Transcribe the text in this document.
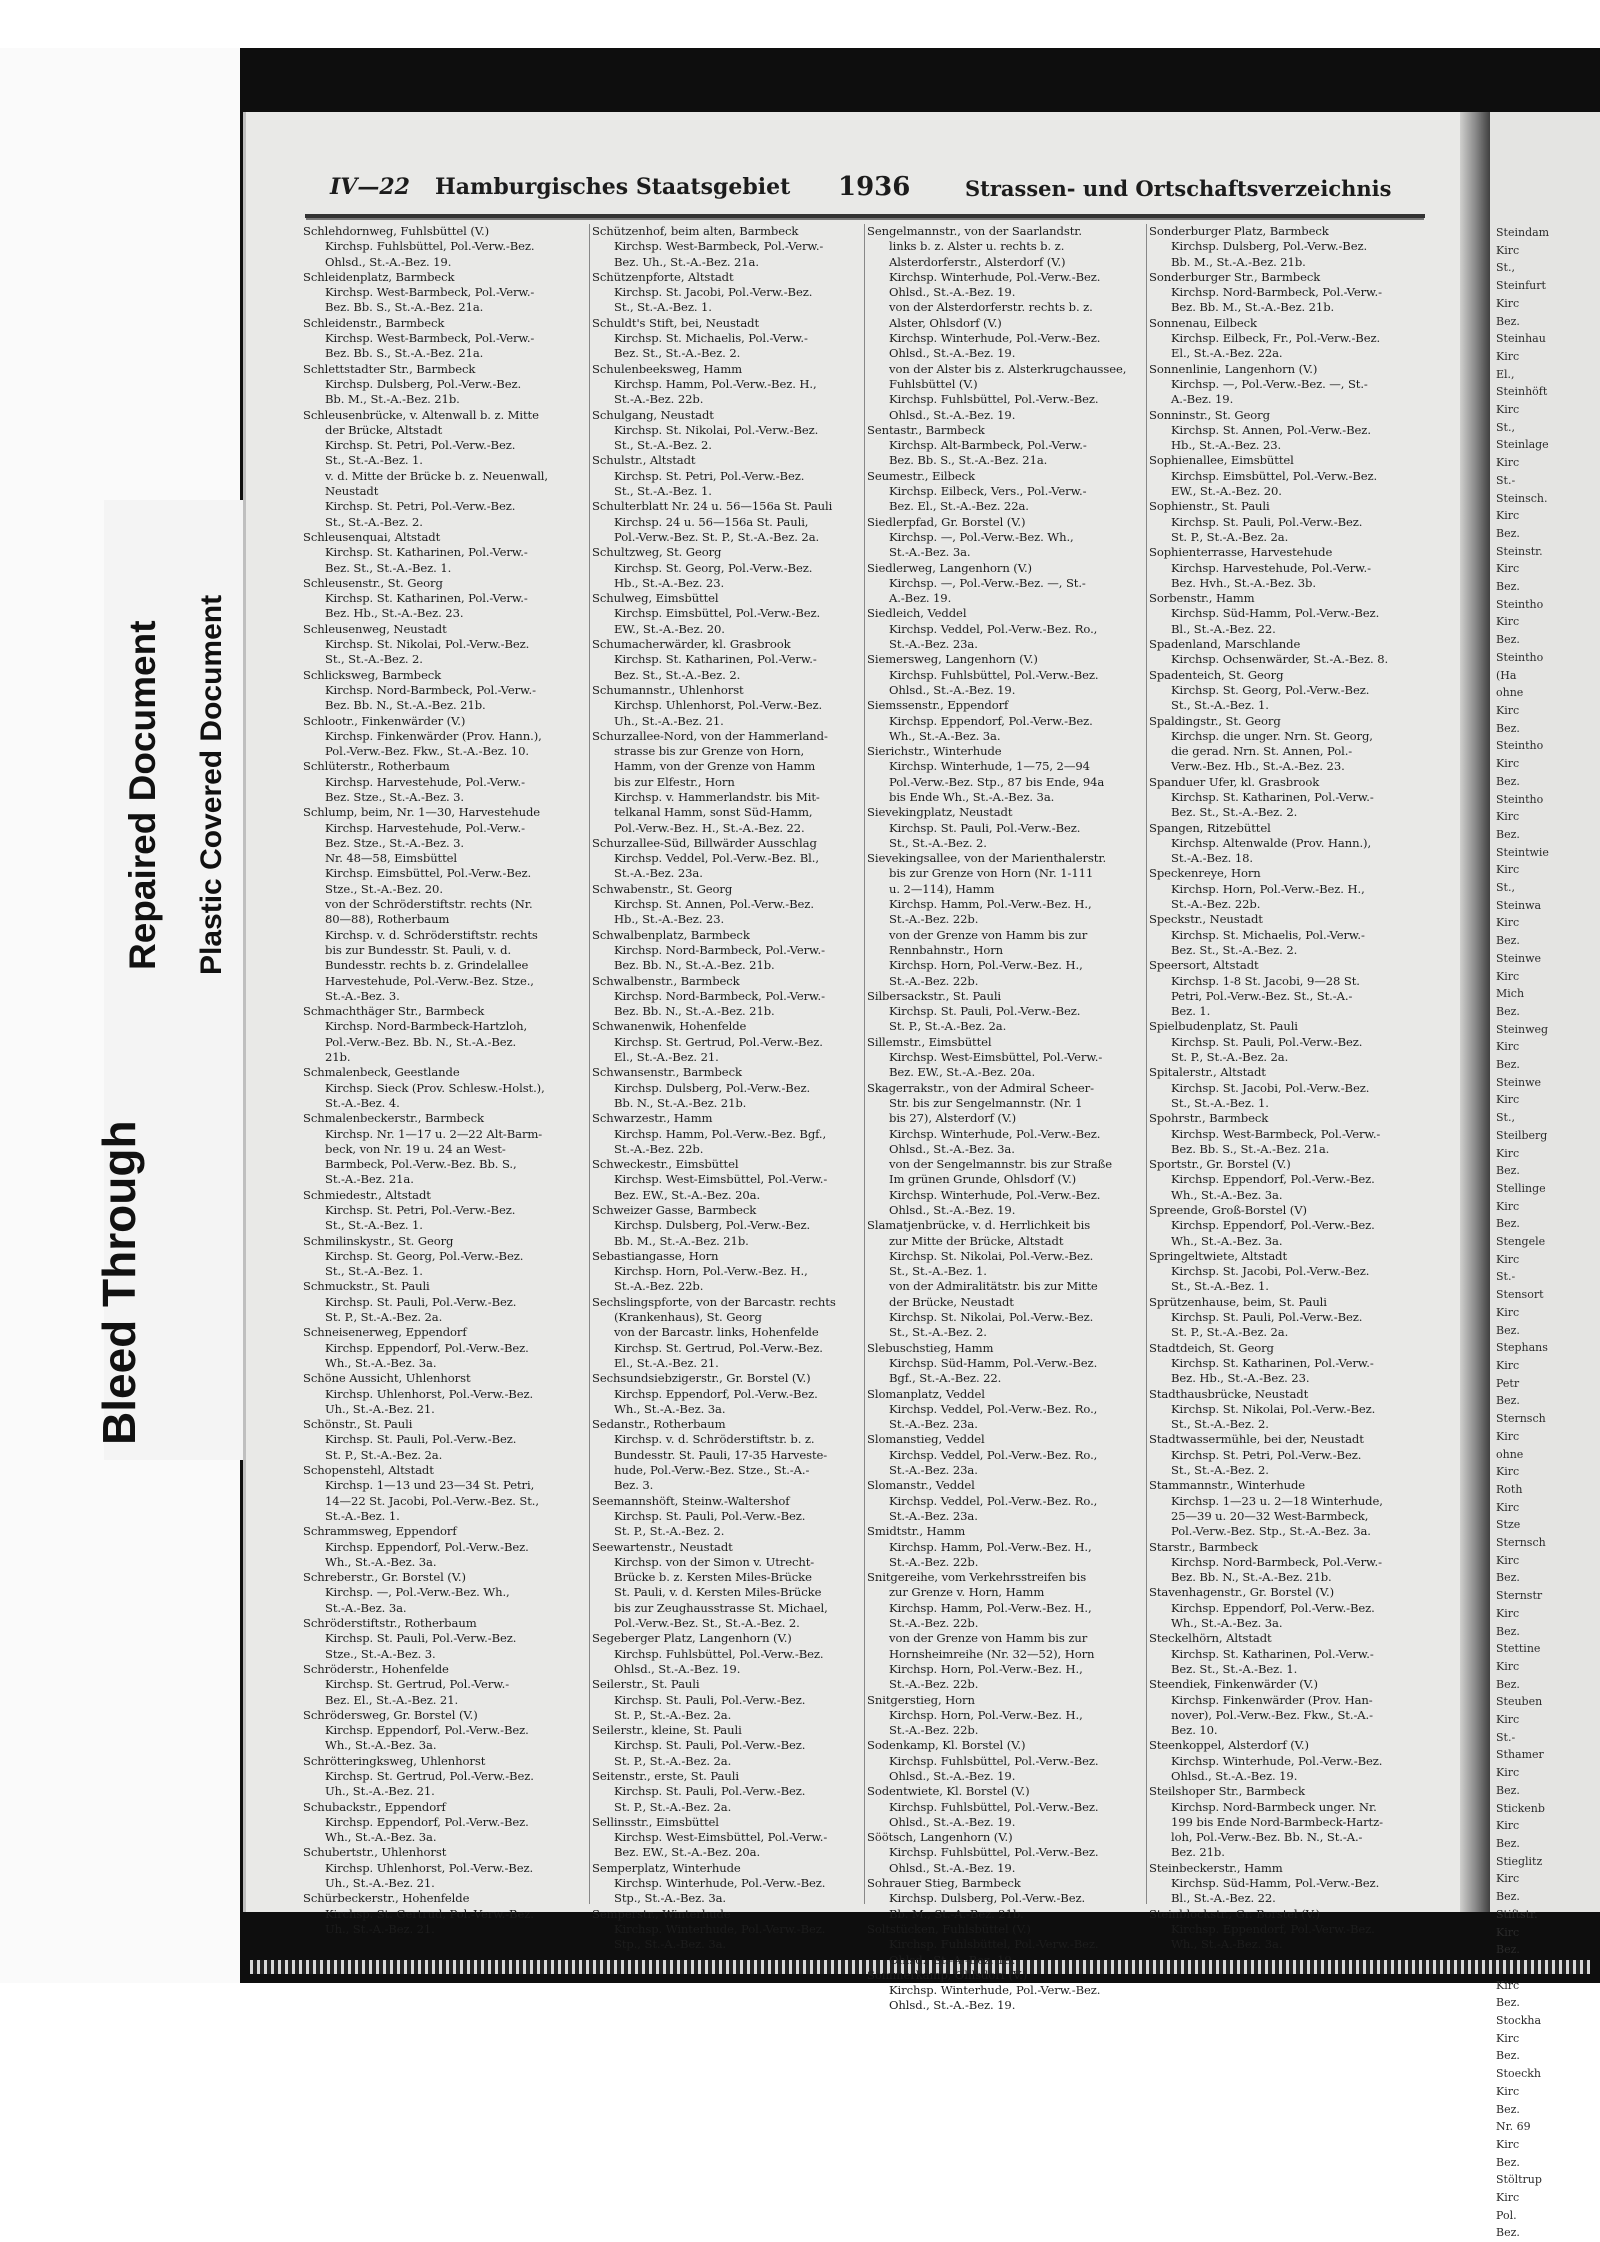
Bleed Through
Repaired Document Plastic Covered Document
Steindam
Kirc
St.,
Steinfurt
Kirc
Bez.
Steinhau
Kirc
El.,
Steinhöft
Kirc
St.,
Steinlage
Kirc
St.-
Steinsch.
Kirc
Bez.
Steinstr.
Kirc
Bez.
Steintho
Kirc
Bez.
Steintho
(Ha
ohne
Kirc
Bez.
Steintho
Kirc
Bez.
Steintho
Kirc
Bez.
Steintwie
Kirc
St.,
Steinwa
Kirc
Bez.
Steinwe
Kirc
Mich
Bez.
Steinweg
Kirc
Bez.
Steinwe
Kirc
St.,
Steilberg
Kirc
Bez.
Stellinge
Kirc
Bez.
Stengele
Kirc
St.-
Stensort
Kirc
Bez.
Stephans
Kirc
Petr
Bez.
Sternsch
Kirc
ohne
Kirc
Roth
Kirc
Stze
Sternsch
Kirc
Bez.
Sternstr
Kirc
Bez.
Stettine
Kirc
Bez.
Steuben
Kirc
St.-
Sthamer
Kirc
Bez.
Stickenb
Kirc
Bez.
Stieglitz
Kirc
Bez.
Stiftstr.
Kirc
Bez.
Kirc
Bez.
Stockha
Kirc
Bez.
Stoeckh
Kirc
Bez.
Nr. 69
Kirc
Bez.
Stöltrup
Kirc
Pol.
Bez.
IV—22 Hamburgisches Staatsgebiet 1936	Strassen- und Ortschaftsverzeichnis
Schlehdornweg, Fuhlsbüttel (V.)
Kirchsp. Fuhlsbüttel, Pol.-Verw.-Bez.
Ohlsd., St.-A.-Bez. 19.
Schleidenplatz, Barmbeck
Kirchsp. West-Barmbeck, Pol.-Verw.-
Bez. Bb. S., St.-A.-Bez. 21a.
Schleidenstr., Barmbeck
Kirchsp. West-Barmbeck, Pol.-Verw.-
Bez. Bb. S., St.-A.-Bez. 21a.
Schlettstadter Str., Barmbeck
Kirchsp. Dulsberg, Pol.-Verw.-Bez.
Bb. M., St.-A.-Bez. 21b.
Schleusenbrücke, v. Altenwall b. z. Mitte
der Brücke, Altstadt
Kirchsp. St. Petri, Pol.-Verw.-Bez.
St., St.-A.-Bez. 1.
v. d. Mitte der Brücke b. z. Neuenwall,
Neustadt
Kirchsp. St. Petri, Pol.-Verw.-Bez.
St., St.-A.-Bez. 2.
Schleusenquai, Altstadt
Kirchsp. St. Katharinen, Pol.-Verw.-
Bez. St., St.-A.-Bez. 1.
Schleusenstr., St. Georg
Kirchsp. St. Katharinen, Pol.-Verw.-
Bez. Hb., St.-A.-Bez. 23.
Schleusenweg, Neustadt
Kirchsp. St. Nikolai, Pol.-Verw.-Bez.
St., St.-A.-Bez. 2.
Schlicksweg, Barmbeck
Kirchsp. Nord-Barmbeck, Pol.-Verw.-
Bez. Bb. N., St.-A.-Bez. 21b.
Schlootr., Finkenwärder (V.)
Kirchsp. Finkenwärder (Prov. Hann.),
Pol.-Verw.-Bez. Fkw., St.-A.-Bez. 10.
Schlüterstr., Rotherbaum
Kirchsp. Harvestehude, Pol.-Verw.-
Bez. Stze., St.-A.-Bez. 3.
Schlump, beim, Nr. 1—30, Harvestehude
Kirchsp. Harvestehude, Pol.-Verw.-
Bez. Stze., St.-A.-Bez. 3.
Nr. 48—58, Eimsbüttel
Kirchsp. Eimsbüttel, Pol.-Verw.-Bez.
Stze., St.-A.-Bez. 20.
von der Schröderstiftstr. rechts (Nr.
80—88), Rotherbaum
Kirchsp. v. d. Schröderstiftstr. rechts
bis zur Bundesstr. St. Pauli, v. d.
Bundesstr. rechts b. z. Grindelallee
Harvestehude, Pol.-Verw.-Bez. Stze.,
St.-A.-Bez. 3.
Schmachthäger Str., Barmbeck
Kirchsp. Nord-Barmbeck-Hartzloh,
Pol.-Verw.-Bez. Bb. N., St.-A.-Bez.
21b.
Schmalenbeck, Geestlande
Kirchsp. Sieck (Prov. Schlesw.-Holst.),
St.-A.-Bez. 4.
Schmalenbeckerstr., Barmbeck
Kirchsp. Nr. 1—17 u. 2—22 Alt-Barm-
beck, von Nr. 19 u. 24 an West-
Barmbeck, Pol.-Verw.-Bez. Bb. S.,
St.-A.-Bez. 21a.
Schmiedestr., Altstadt
Kirchsp. St. Petri, Pol.-Verw.-Bez.
St., St.-A.-Bez. 1.
Schmilinskystr., St. Georg
Kirchsp. St. Georg, Pol.-Verw.-Bez.
St., St.-A.-Bez. 1.
Schmuckstr., St. Pauli
Kirchsp. St. Pauli, Pol.-Verw.-Bez.
St. P., St.-A.-Bez. 2a.
Schneisenerweg, Eppendorf
Kirchsp. Eppendorf, Pol.-Verw.-Bez.
Wh., St.-A.-Bez. 3a.
Schöne Aussicht, Uhlenhorst
Kirchsp. Uhlenhorst, Pol.-Verw.-Bez.
Uh., St.-A.-Bez. 21.
Schönstr., St. Pauli
Kirchsp. St. Pauli, Pol.-Verw.-Bez.
St. P., St.-A.-Bez. 2a.
Schopenstehl, Altstadt
Kirchsp. 1—13 und 23—34 St. Petri,
14—22 St. Jacobi, Pol.-Verw.-Bez. St.,
St.-A.-Bez. 1.
Schrammsweg, Eppendorf
Kirchsp. Eppendorf, Pol.-Verw.-Bez.
Wh., St.-A.-Bez. 3a.
Schreberstr., Gr. Borstel (V.)
Kirchsp. —, Pol.-Verw.-Bez. Wh.,
St.-A.-Bez. 3a.
Schröderstiftstr., Rotherbaum
Kirchsp. St. Pauli, Pol.-Verw.-Bez.
Stze., St.-A.-Bez. 3.
Schröderstr., Hohenfelde
Kirchsp. St. Gertrud, Pol.-Verw.-
Bez. El., St.-A.-Bez. 21.
Schrödersweg, Gr. Borstel (V.)
Kirchsp. Eppendorf, Pol.-Verw.-Bez.
Wh., St.-A.-Bez. 3a.
Schrötteringksweg, Uhlenhorst
Kirchsp. St. Gertrud, Pol.-Verw.-Bez.
Uh., St.-A.-Bez. 21.
Schubackstr., Eppendorf
Kirchsp. Eppendorf, Pol.-Verw.-Bez.
Wh., St.-A.-Bez. 3a.
Schubertstr., Uhlenhorst
Kirchsp. Uhlenhorst, Pol.-Verw.-Bez.
Uh., St.-A.-Bez. 21.
Schürbeckerstr., Hohenfelde
Kirchsp. St. Gertrud, Pol.-Verw.-Bez.
Uh., St.-A.-Bez. 21.
Schützenhof, beim alten, Barmbeck
Kirchsp. West-Barmbeck, Pol.-Verw.-
Bez. Uh., St.-A.-Bez. 21a.
Schützenpforte, Altstadt
Kirchsp. St. Jacobi, Pol.-Verw.-Bez.
St., St.-A.-Bez. 1.
Schuldt's Stift, bei, Neustadt
Kirchsp. St. Michaelis, Pol.-Verw.-
Bez. St., St.-A.-Bez. 2.
Schulenbeeksweg, Hamm
Kirchsp. Hamm, Pol.-Verw.-Bez. H.,
St.-A.-Bez. 22b.
Schulgang, Neustadt
Kirchsp. St. Nikolai, Pol.-Verw.-Bez.
St., St.-A.-Bez. 2.
Schulstr., Altstadt
Kirchsp. St. Petri, Pol.-Verw.-Bez.
St., St.-A.-Bez. 1.
Schulterblatt Nr. 24 u. 56—156a St. Pauli
Kirchsp. 24 u. 56—156a St. Pauli,
Pol.-Verw.-Bez. St. P., St.-A.-Bez. 2a.
Schultzweg, St. Georg
Kirchsp. St. Georg, Pol.-Verw.-Bez.
Hb., St.-A.-Bez. 23.
Schulweg, Eimsbüttel
Kirchsp. Eimsbüttel, Pol.-Verw.-Bez.
EW., St.-A.-Bez. 20.
Schumacherwärder, kl. Grasbrook
Kirchsp. St. Katharinen, Pol.-Verw.-
Bez. St., St.-A.-Bez. 2.
Schumannstr., Uhlenhorst
Kirchsp. Uhlenhorst, Pol.-Verw.-Bez.
Uh., St.-A.-Bez. 21.
Schurzallee-Nord, von der Hammerland-
strasse bis zur Grenze von Horn,
Hamm, von der Grenze von Hamm
bis zur Elfestr., Horn
Kirchsp. v. Hammerlandstr. bis Mit-
telkanal Hamm, sonst Süd-Hamm,
Pol.-Verw.-Bez. H., St.-A.-Bez. 22.
Schurzallee-Süd, Billwärder Ausschlag
Kirchsp. Veddel, Pol.-Verw.-Bez. Bl.,
St.-A.-Bez. 23a.
Schwabenstr., St. Georg
Kirchsp. St. Annen, Pol.-Verw.-Bez.
Hb., St.-A.-Bez. 23.
Schwalbenplatz, Barmbeck
Kirchsp. Nord-Barmbeck, Pol.-Verw.-
Bez. Bb. N., St.-A.-Bez. 21b.
Schwalbenstr., Barmbeck
Kirchsp. Nord-Barmbeck, Pol.-Verw.-
Bez. Bb. N., St.-A.-Bez. 21b.
Schwanenwik, Hohenfelde
Kirchsp. St. Gertrud, Pol.-Verw.-Bez.
El., St.-A.-Bez. 21.
Schwansenstr., Barmbeck
Kirchsp. Dulsberg, Pol.-Verw.-Bez.
Bb. N., St.-A.-Bez. 21b.
Schwarzestr., Hamm
Kirchsp. Hamm, Pol.-Verw.-Bez. Bgf.,
St.-A.-Bez. 22b.
Schweckestr., Eimsbüttel
Kirchsp. West-Eimsbüttel, Pol.-Verw.-
Bez. EW., St.-A.-Bez. 20a.
Schweizer Gasse, Barmbeck
Kirchsp. Dulsberg, Pol.-Verw.-Bez.
Bb. M., St.-A.-Bez. 21b.
Sebastiangasse, Horn
Kirchsp. Horn, Pol.-Verw.-Bez. H.,
St.-A.-Bez. 22b.
Sechslingspforte, von der Barcastr. rechts
(Krankenhaus), St. Georg
von der Barcastr. links, Hohenfelde
Kirchsp. St. Gertrud, Pol.-Verw.-Bez.
El., St.-A.-Bez. 21.
Sechsundsiebzigerstr., Gr. Borstel (V.)
Kirchsp. Eppendorf, Pol.-Verw.-Bez.
Wh., St.-A.-Bez. 3a.
Sedanstr., Rotherbaum
Kirchsp. v. d. Schröderstiftstr. b. z.
Bundesstr. St. Pauli, 17-35 Harveste-
hude, Pol.-Verw.-Bez. Stze., St.-A.-
Bez. 3.
Seemannshöft, Steinw.-Waltershof
Kirchsp. St. Pauli, Pol.-Verw.-Bez.
St. P., St.-A.-Bez. 2.
Seewartenstr., Neustadt
Kirchsp. von der Simon v. Utrecht-
Brücke b. z. Kersten Miles-Brücke
St. Pauli, v. d. Kersten Miles-Brücke
bis zur Zeughausstrasse St. Michael,
Pol.-Verw.-Bez. St., St.-A.-Bez. 2.
Segeberger Platz, Langenhorn (V.)
Kirchsp. Fuhlsbüttel, Pol.-Verw.-Bez.
Ohlsd., St.-A.-Bez. 19.
Seilerstr., St. Pauli
Kirchsp. St. Pauli, Pol.-Verw.-Bez.
St. P., St.-A.-Bez. 2a.
Seilerstr., kleine, St. Pauli
Kirchsp. St. Pauli, Pol.-Verw.-Bez.
St. P., St.-A.-Bez. 2a.
Seitenstr., erste, St. Pauli
Kirchsp. St. Pauli, Pol.-Verw.-Bez.
St. P., St.-A.-Bez. 2a.
Sellinsstr., Eimsbüttel
Kirchsp. West-Eimsbüttel, Pol.-Verw.-
Bez. EW., St.-A.-Bez. 20a.
Semperplatz, Winterhude
Kirchsp. Winterhude, Pol.-Verw.-Bez.
Stp., St.-A.-Bez. 3a.
Semperstr., Winterhude
Kirchsp. Winterhude, Pol.-Verw.-Bez.
Stp., St.-A.-Bez. 3a.
Sengelmannstr., von der Saarlandstr.
links b. z. Alster u. rechts b. z.
Alsterdorferstr., Alsterdorf (V.)
Kirchsp. Winterhude, Pol.-Verw.-Bez.
Ohlsd., St.-A.-Bez. 19.
von der Alsterdorferstr. rechts b. z.
Alster, Ohlsdorf (V.)
Kirchsp. Winterhude, Pol.-Verw.-Bez.
Ohlsd., St.-A.-Bez. 19.
von der Alster bis z. Alsterkrugchaussee,
Fuhlsbüttel (V.)
Kirchsp. Fuhlsbüttel, Pol.-Verw.-Bez.
Ohlsd., St.-A.-Bez. 19.
Sentastr., Barmbeck
Kirchsp. Alt-Barmbeck, Pol.-Verw.-
Bez. Bb. S., St.-A.-Bez. 21a.
Seumestr., Eilbeck
Kirchsp. Eilbeck, Vers., Pol.-Verw.-
Bez. El., St.-A.-Bez. 22a.
Siedlerpfad, Gr. Borstel (V.)
Kirchsp. —, Pol.-Verw.-Bez. Wh.,
St.-A.-Bez. 3a.
Siedlerweg, Langenhorn (V.)
Kirchsp. —, Pol.-Verw.-Bez. —, St.-
A.-Bez. 19.
Siedleich, Veddel
Kirchsp. Veddel, Pol.-Verw.-Bez. Ro.,
St.-A.-Bez. 23a.
Siemersweg, Langenhorn (V.)
Kirchsp. Fuhlsbüttel, Pol.-Verw.-Bez.
Ohlsd., St.-A.-Bez. 19.
Siemssenstr., Eppendorf
Kirchsp. Eppendorf, Pol.-Verw.-Bez.
Wh., St.-A.-Bez. 3a.
Sierichstr., Winterhude
Kirchsp. Winterhude, 1—75, 2—94
Pol.-Verw.-Bez. Stp., 87 bis Ende, 94a
bis Ende Wh., St.-A.-Bez. 3a.
Sievekingplatz, Neustadt
Kirchsp. St. Pauli, Pol.-Verw.-Bez.
St., St.-A.-Bez. 2.
Sievekingsallee, von der Marienthalerstr.
bis zur Grenze von Horn (Nr. 1-111
u. 2—114), Hamm
Kirchsp. Hamm, Pol.-Verw.-Bez. H.,
St.-A.-Bez. 22b.
von der Grenze von Hamm bis zur
Rennbahnstr., Horn
Kirchsp. Horn, Pol.-Verw.-Bez. H.,
St.-A.-Bez. 22b.
Silbersackstr., St. Pauli
Kirchsp. St. Pauli, Pol.-Verw.-Bez.
St. P., St.-A.-Bez. 2a.
Sillemstr., Eimsbüttel
Kirchsp. West-Eimsbüttel, Pol.-Verw.-
Bez. EW., St.-A.-Bez. 20a.
Skagerrakstr., von der Admiral Scheer-
Str. bis zur Sengelmannstr. (Nr. 1
bis 27), Alsterdorf (V.)
Kirchsp. Winterhude, Pol.-Verw.-Bez.
Ohlsd., St.-A.-Bez. 3a.
von der Sengelmannstr. bis zur Straße
Im grünen Grunde, Ohlsdorf (V.)
Kirchsp. Winterhude, Pol.-Verw.-Bez.
Ohlsd., St.-A.-Bez. 19.
Slamatjenbrücke, v. d. Herrlichkeit bis
zur Mitte der Brücke, Altstadt
Kirchsp. St. Nikolai, Pol.-Verw.-Bez.
St., St.-A.-Bez. 1.
von der Admiralitätstr. bis zur Mitte
der Brücke, Neustadt
Kirchsp. St. Nikolai, Pol.-Verw.-Bez.
St., St.-A.-Bez. 2.
Slebuschstieg, Hamm
Kirchsp. Süd-Hamm, Pol.-Verw.-Bez.
Bgf., St.-A.-Bez. 22.
Slomanplatz, Veddel
Kirchsp. Veddel, Pol.-Verw.-Bez. Ro.,
St.-A.-Bez. 23a.
Slomanstieg, Veddel
Kirchsp. Veddel, Pol.-Verw.-Bez. Ro.,
St.-A.-Bez. 23a.
Slomanstr., Veddel
Kirchsp. Veddel, Pol.-Verw.-Bez. Ro.,
St.-A.-Bez. 23a.
Smidtstr., Hamm
Kirchsp. Hamm, Pol.-Verw.-Bez. H.,
St.-A.-Bez. 22b.
Snitgereihe, vom Verkehrsstreifen bis
zur Grenze v. Horn, Hamm
Kirchsp. Hamm, Pol.-Verw.-Bez. H.,
St.-A.-Bez. 22b.
von der Grenze von Hamm bis zur
Hornsheimreihe (Nr. 32—52), Horn
Kirchsp. Horn, Pol.-Verw.-Bez. H.,
St.-A.-Bez. 22b.
Snitgerstieg, Horn
Kirchsp. Horn, Pol.-Verw.-Bez. H.,
St.-A.-Bez. 22b.
Sodenkamp, Kl. Borstel (V.)
Kirchsp. Fuhlsbüttel, Pol.-Verw.-Bez.
Ohlsd., St.-A.-Bez. 19.
Sodentwiete, Kl. Borstel (V.)
Kirchsp. Fuhlsbüttel, Pol.-Verw.-Bez.
Ohlsd., St.-A.-Bez. 19.
Söötsch, Langenhorn (V.)
Kirchsp. Fuhlsbüttel, Pol.-Verw.-Bez.
Ohlsd., St.-A.-Bez. 19.
Sohrauer Stieg, Barmbeck
Kirchsp. Dulsberg, Pol.-Verw.-Bez.
Bb. M., St.-A.-Bez. 21b.
Soltstücken, Fuhlsbüttel (V.)
Kirchsp. Fuhlsbüttel, Pol.-Verw.-Bez.
Ohlsd., St.-A.-Bez. 19.
Sommerkamp, Ohlsdorf (V.)
Kirchsp. Winterhude, Pol.-Verw.-Bez.
Ohlsd., St.-A.-Bez. 19.
Sonderburger Platz, Barmbeck
Kirchsp. Dulsberg, Pol.-Verw.-Bez.
Bb. M., St.-A.-Bez. 21b.
Sonderburger Str., Barmbeck
Kirchsp. Nord-Barmbeck, Pol.-Verw.-
Bez. Bb. M., St.-A.-Bez. 21b.
Sonnenau, Eilbeck
Kirchsp. Eilbeck, Fr., Pol.-Verw.-Bez.
El., St.-A.-Bez. 22a.
Sonnenlinie, Langenhorn (V.)
Kirchsp. —, Pol.-Verw.-Bez. —, St.-
A.-Bez. 19.
Sonninstr., St. Georg
Kirchsp. St. Annen, Pol.-Verw.-Bez.
Hb., St.-A.-Bez. 23.
Sophienallee, Eimsbüttel
Kirchsp. Eimsbüttel, Pol.-Verw.-Bez.
EW., St.-A.-Bez. 20.
Sophienstr., St. Pauli
Kirchsp. St. Pauli, Pol.-Verw.-Bez.
St. P., St.-A.-Bez. 2a.
Sophienterrasse, Harvestehude
Kirchsp. Harvestehude, Pol.-Verw.-
Bez. Hvh., St.-A.-Bez. 3b.
Sorbenstr., Hamm
Kirchsp. Süd-Hamm, Pol.-Verw.-Bez.
Bl., St.-A.-Bez. 22.
Spadenland, Marschlande
Kirchsp. Ochsenwärder, St.-A.-Bez. 8.
Spadenteich, St. Georg
Kirchsp. St. Georg, Pol.-Verw.-Bez.
St., St.-A.-Bez. 1.
Spaldingstr., St. Georg
Kirchsp. die unger. Nrn. St. Georg,
die gerad. Nrn. St. Annen, Pol.-
Verw.-Bez. Hb., St.-A.-Bez. 23.
Spanduer Ufer, kl. Grasbrook
Kirchsp. St. Katharinen, Pol.-Verw.-
Bez. St., St.-A.-Bez. 2.
Spangen, Ritzebüttel
Kirchsp. Altenwalde (Prov. Hann.),
St.-A.-Bez. 18.
Speckenreye, Horn
Kirchsp. Horn, Pol.-Verw.-Bez. H.,
St.-A.-Bez. 22b.
Speckstr., Neustadt
Kirchsp. St. Michaelis, Pol.-Verw.-
Bez. St., St.-A.-Bez. 2.
Speersort, Altstadt
Kirchsp. 1-8 St. Jacobi, 9—28 St.
Petri, Pol.-Verw.-Bez. St., St.-A.-
Bez. 1.
Spielbudenplatz, St. Pauli
Kirchsp. St. Pauli, Pol.-Verw.-Bez.
St. P., St.-A.-Bez. 2a.
Spitalerstr., Altstadt
Kirchsp. St. Jacobi, Pol.-Verw.-Bez.
St., St.-A.-Bez. 1.
Spohrstr., Barmbeck
Kirchsp. West-Barmbeck, Pol.-Verw.-
Bez. Bb. S., St.-A.-Bez. 21a.
Sportstr., Gr. Borstel (V.)
Kirchsp. Eppendorf, Pol.-Verw.-Bez.
Wh., St.-A.-Bez. 3a.
Spreende, Groß-Borstel (V)
Kirchsp. Eppendorf, Pol.-Verw.-Bez.
Wh., St.-A.-Bez. 3a.
Springeltwiete, Altstadt
Kirchsp. St. Jacobi, Pol.-Verw.-Bez.
St., St.-A.-Bez. 1.
Sprützenhause, beim, St. Pauli
Kirchsp. St. Pauli, Pol.-Verw.-Bez.
St. P., St.-A.-Bez. 2a.
Stadtdeich, St. Georg
Kirchsp. St. Katharinen, Pol.-Verw.-
Bez. Hb., St.-A.-Bez. 23.
Stadthausbrücke, Neustadt
Kirchsp. St. Nikolai, Pol.-Verw.-Bez.
St., St.-A.-Bez. 2.
Stadtwassermühle, bei der, Neustadt
Kirchsp. St. Petri, Pol.-Verw.-Bez.
St., St.-A.-Bez. 2.
Stammannstr., Winterhude
Kirchsp. 1—23 u. 2—18 Winterhude,
25—39 u. 20—32 West-Barmbeck,
Pol.-Verw.-Bez. Stp., St.-A.-Bez. 3a.
Starstr., Barmbeck
Kirchsp. Nord-Barmbeck, Pol.-Verw.-
Bez. Bb. N., St.-A.-Bez. 21b.
Stavenhagenstr., Gr. Borstel (V.)
Kirchsp. Eppendorf, Pol.-Verw.-Bez.
Wh., St.-A.-Bez. 3a.
Steckelhörn, Altstadt
Kirchsp. St. Katharinen, Pol.-Verw.-
Bez. St., St.-A.-Bez. 1.
Steendiek, Finkenwärder (V.)
Kirchsp. Finkenwärder (Prov. Han-
nover), Pol.-Verw.-Bez. Fkw., St.-A.-
Bez. 10.
Steenkoppel, Alsterdorf (V.)
Kirchsp. Winterhude, Pol.-Verw.-Bez.
Ohlsd., St.-A.-Bez. 19.
Steilshoper Str., Barmbeck
Kirchsp. Nord-Barmbeck unger. Nr.
199 bis Ende Nord-Barmbeck-Hartz-
loh, Pol.-Verw.-Bez. Bb. N., St.-A.-
Bez. 21b.
Steinbeckerstr., Hamm
Kirchsp. Süd-Hamm, Pol.-Verw.-Bez.
Bl., St.-A.-Bez. 22.
Steinblockstr., Gr. Borstel (V.)
Kirchsp. Eppendorf, Pol.-Verw.-Bez.
Wh., St.-A.-Bez. 3a.
